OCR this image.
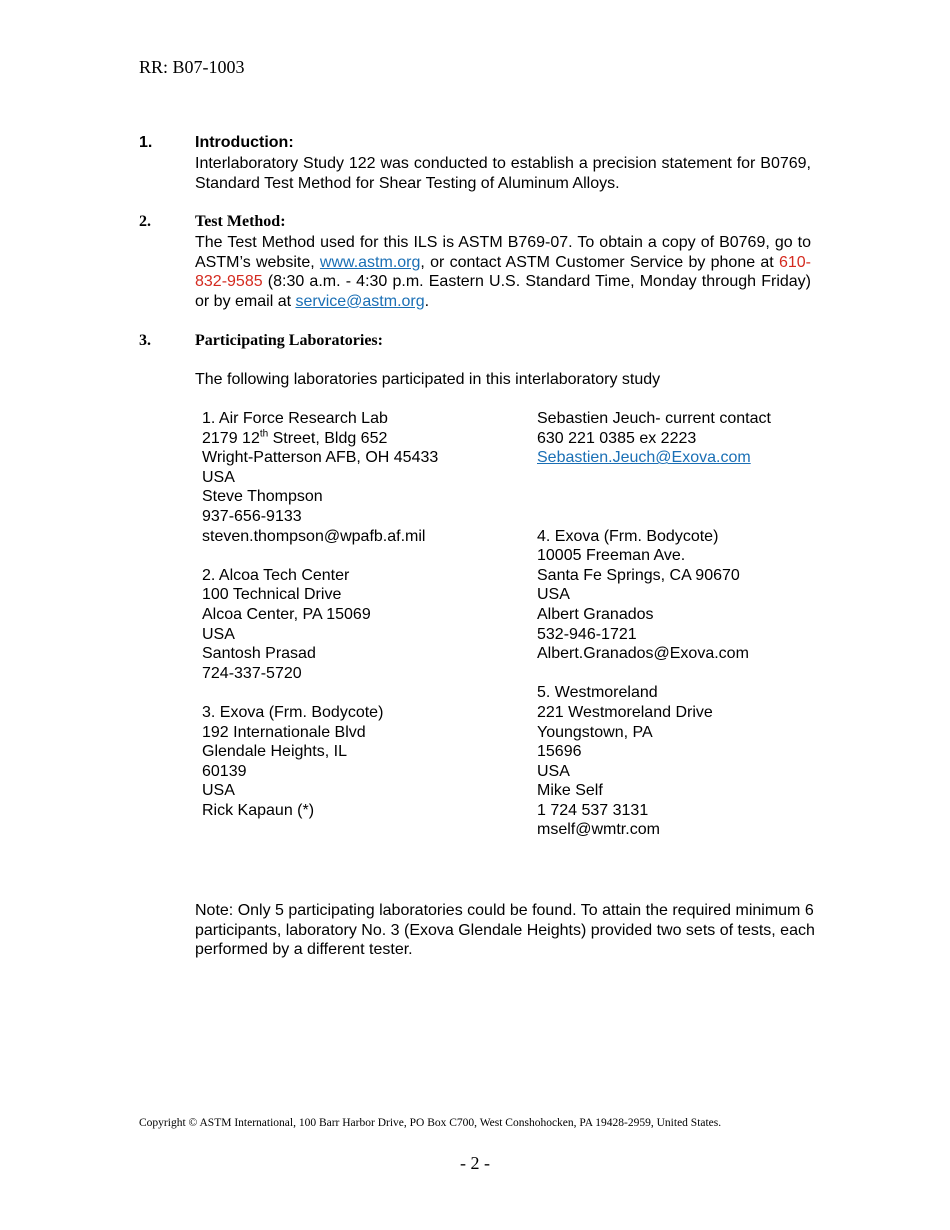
RR: B07-1003
1.	Introduction:
Interlaboratory Study 122 was conducted to establish a precision statement for B0769, Standard Test Method for Shear Testing of Aluminum Alloys.
2.	Test Method:
The Test Method used for this ILS is ASTM B769-07. To obtain a copy of B0769, go to ASTM’s website, www.astm.org, or contact ASTM Customer Service by phone at 610-832-9585 (8:30 a.m. - 4:30 p.m. Eastern U.S. Standard Time, Monday through Friday) or by email at service@astm.org.
3.	Participating Laboratories:
The following laboratories participated in this interlaboratory study
1. Air Force Research Lab
2179 12th Street, Bldg 652
Wright-Patterson AFB, OH 45433
USA
Steve Thompson
937-656-9133
steven.thompson@wpafb.af.mil
2. Alcoa Tech Center
100 Technical Drive
Alcoa Center, PA 15069
USA
Santosh Prasad
724-337-5720
3. Exova (Frm. Bodycote)
192 Internationale Blvd
Glendale Heights, IL
60139
USA
Rick Kapaun (*)
Sebastien Jeuch- current contact
630 221 0385 ex 2223
Sebastien.Jeuch@Exova.com
4. Exova (Frm. Bodycote)
10005 Freeman Ave.
Santa Fe Springs, CA 90670
USA
Albert Granados
532-946-1721
Albert.Granados@Exova.com
5. Westmoreland
221 Westmoreland Drive
Youngstown, PA
15696
USA
Mike Self
1 724 537 3131
mself@wmtr.com
Note: Only 5 participating laboratories could be found. To attain the required minimum 6 participants, laboratory No. 3 (Exova Glendale Heights) provided two sets of tests, each performed by a different tester.
Copyright © ASTM International, 100 Barr Harbor Drive, PO Box C700, West Conshohocken, PA 19428-2959, United States.
- 2 -
